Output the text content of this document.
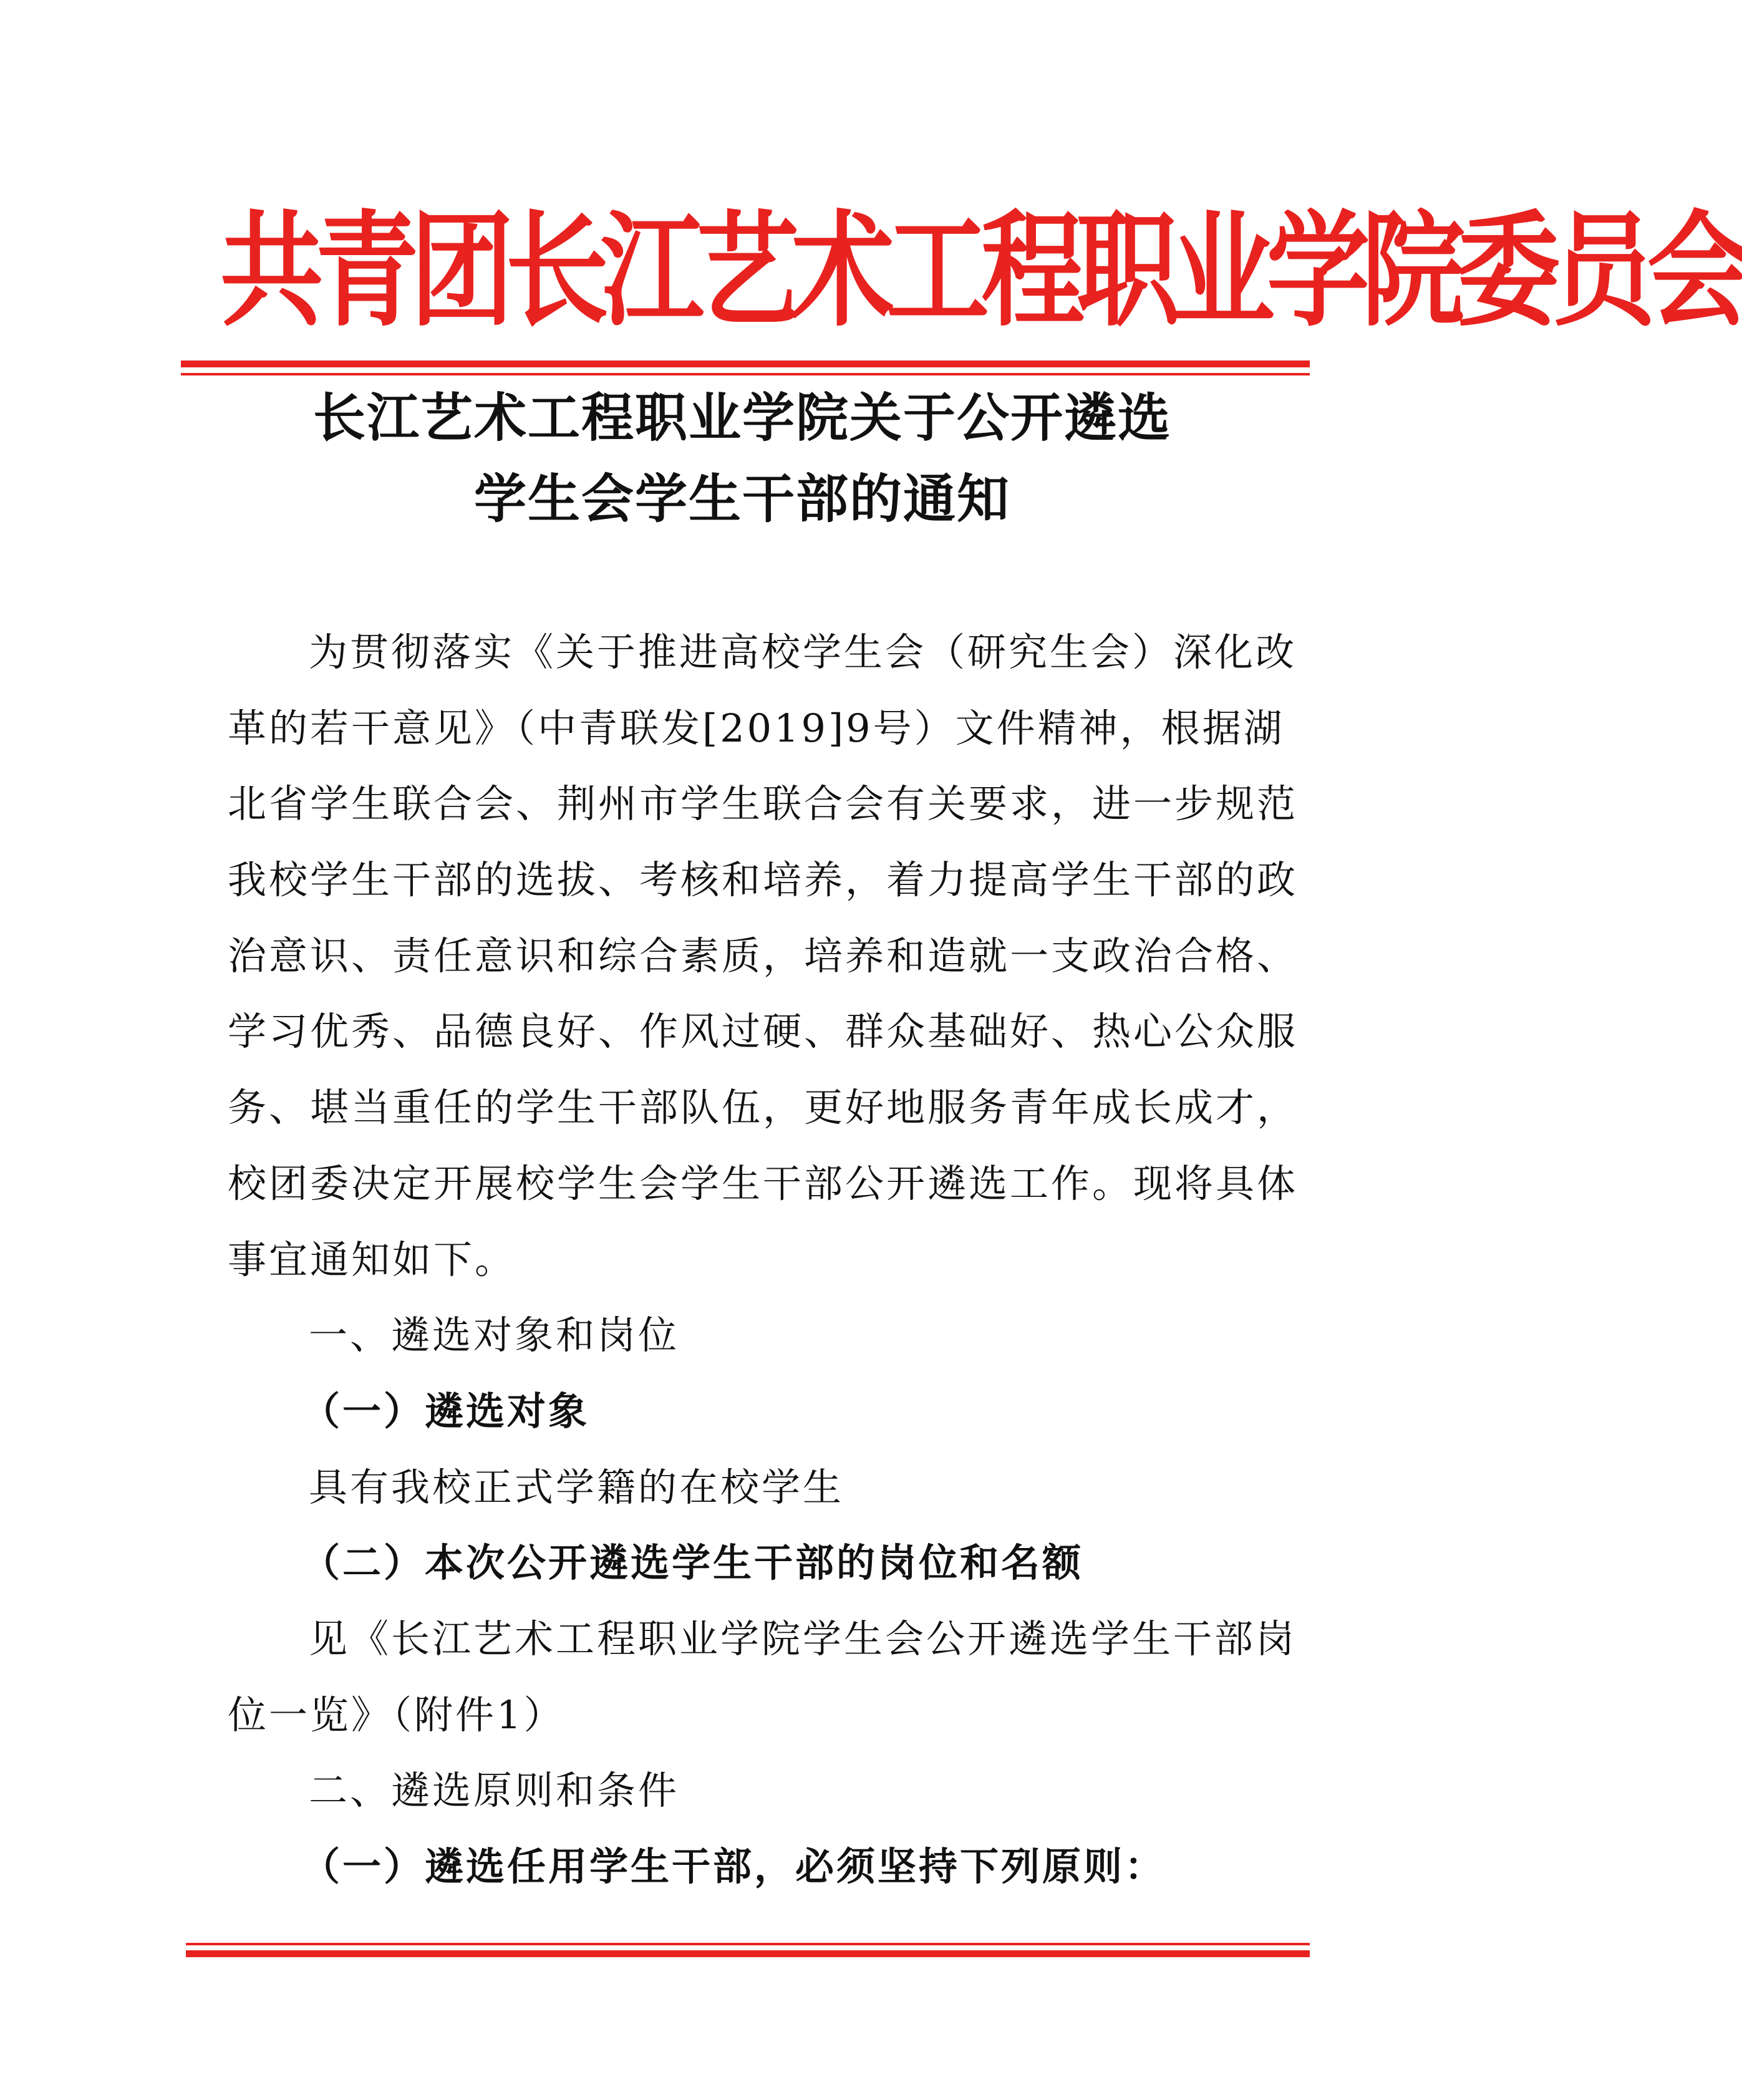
共青团长江艺术工程职业学院委员会
长江艺术工程职业学院关于公开遴选
学生会学生干部的通知
为贯彻落实《关于推进高校学生会（研究生会）深化改
革的若干意见》（中青联发[2019]9号）文件精神，根据湖
北省学生联合会、荆州市学生联合会有关要求，进一步规范
我校学生干部的选拔、考核和培养，着力提高学生干部的政
治意识、责任意识和综合素质，培养和造就一支政治合格、
学习优秀、品德良好、作风过硬、群众基础好、热心公众服
务、堪当重任的学生干部队伍，更好地服务青年成长成才，
校团委决定开展校学生会学生干部公开遴选工作。现将具体
事宜通知如下。
一、遴选对象和岗位
（一）遴选对象
具有我校正式学籍的在校学生
（二）本次公开遴选学生干部的岗位和名额
见《长江艺术工程职业学院学生会公开遴选学生干部岗
位一览》（附件1）
二、遴选原则和条件
（一）遴选任用学生干部，必须坚持下列原则：
